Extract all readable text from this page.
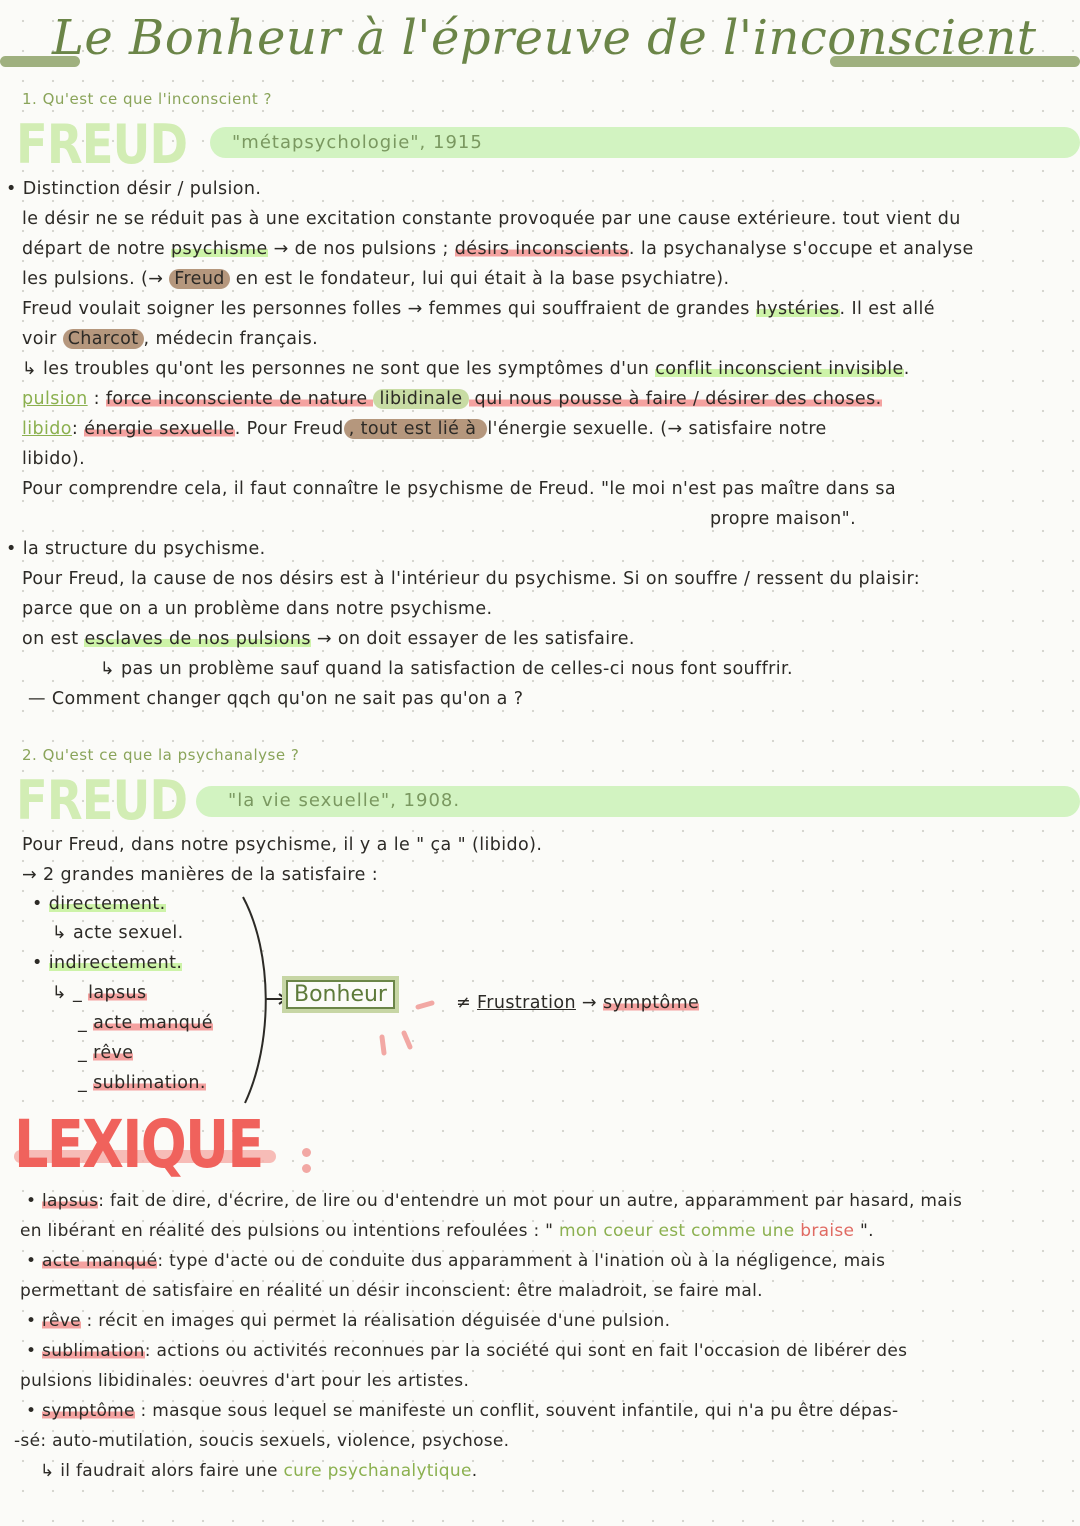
Le Bonheur à l'épreuve de l'inconscient
1. Qu'est ce que l'inconscient ?
FREUD "métapsychologie", 1915
• Distinction désir / pulsion.
le désir ne se réduit pas à une excitation constante provoquée par une cause extérieure. tout vient du
départ de notre psychisme → de nos pulsions ; désirs inconscients. la psychanalyse s'occupe et analyse
les pulsions. (→ Freud en est le fondateur, lui qui était à la base psychiatre).
Freud voulait soigner les personnes folles → femmes qui souffraient de grandes hystéries. Il est allé
voir Charcot , médecin français.
↳ les troubles qu'ont les personnes ne sont que les symptômes d'un conflit inconscient invisible.
pulsion : force inconsciente de nature libidinale qui nous pousse à faire / désirer des choses.
libido: énergie sexuelle. Pour Freud , tout est lié à l'énergie sexuelle. (→ satisfaire notre
libido).
Pour comprendre cela, il faut connaître le psychisme de Freud. "le moi n'est pas maître dans sa
propre maison".
• la structure du psychisme.
Pour Freud, la cause de nos désirs est à l'intérieur du psychisme. Si on souffre / ressent du plaisir:
parce que on a un problème dans notre psychisme.
on est esclaves de nos pulsions → on doit essayer de les satisfaire.
↳ pas un problème sauf quand la satisfaction de celles-ci nous font souffrir.
— Comment changer qqch qu'on ne sait pas qu'on a ?
2. Qu'est ce que la psychanalyse ?
FREUD "la vie sexuelle", 1908.
Pour Freud, dans notre psychisme, il y a le " ça " (libido).
→ 2 grandes manières de la satisfaire :
• directement.
↳ acte sexuel.
• indirectement.
↳ _ lapsus
_ acte manqué
_ rêve
_ sublimation.
Bonheur	≠ Frustration → symptôme
LEXIQUE
• lapsus: fait de dire, d'écrire, de lire ou d'entendre un mot pour un autre, apparamment par hasard, mais
en libérant en réalité des pulsions ou intentions refoulées : " mon coeur est comme une braise ".
• acte manqué: type d'acte ou de conduite dus apparamment à l'ination où à la négligence, mais
permettant de satisfaire en réalité un désir inconscient: être maladroit, se faire mal.
• rêve : récit en images qui permet la réalisation déguisée d'une pulsion.
• sublimation: actions ou activités reconnues par la société qui sont en fait l'occasion de libérer des
pulsions libidinales: oeuvres d'art pour les artistes.
• symptôme : masque sous lequel se manifeste un conflit, souvent infantile, qui n'a pu être dépas-
-sé: auto-mutilation, soucis sexuels, violence, psychose.
↳ il faudrait alors faire une cure psychanalytique.
